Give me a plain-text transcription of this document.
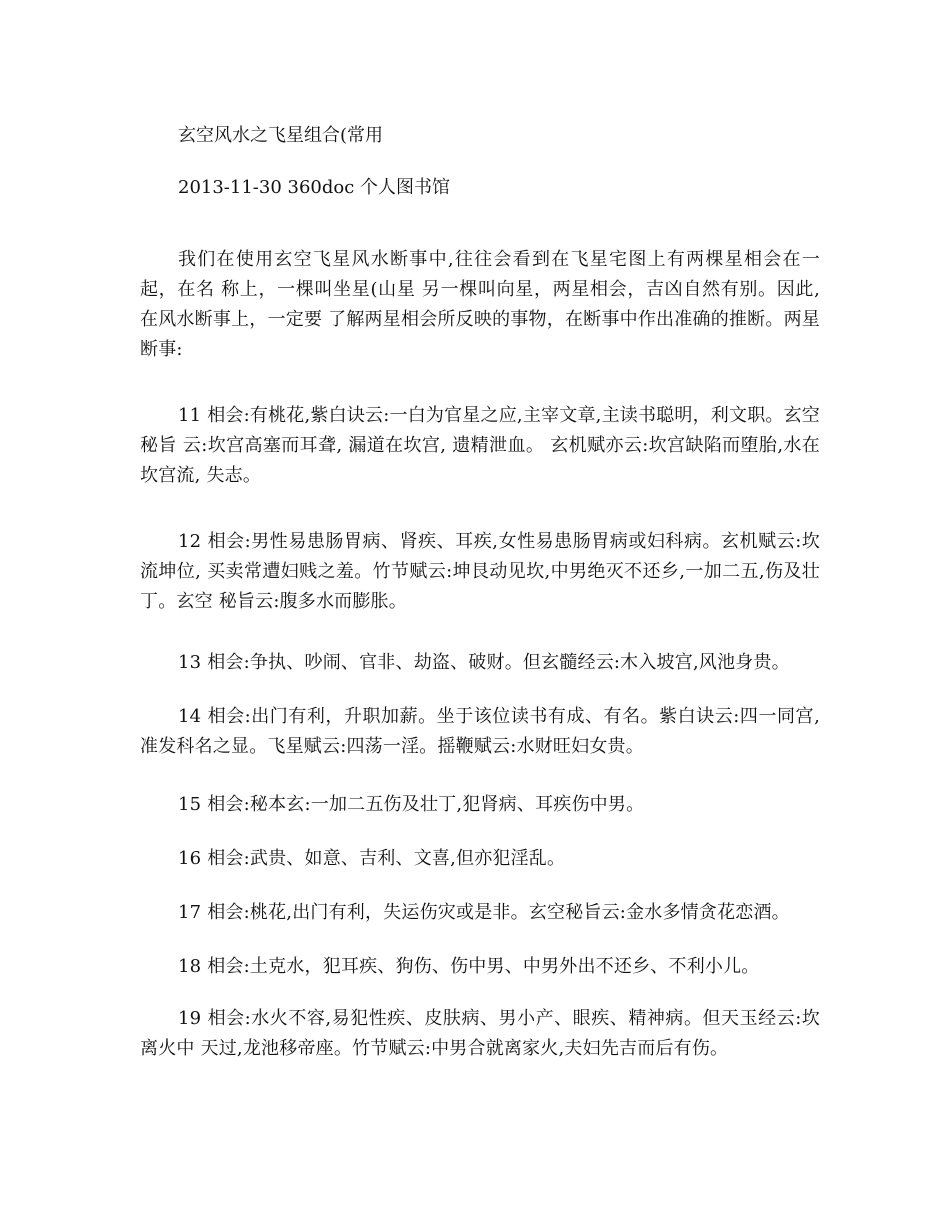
玄空风水之飞星组合(常用
2013-11-30 360doc 个人图书馆

我们在使用玄空飞星风水断事中,往往会看到在飞星宅图上有两棵星相会在一起，在名 称上，一棵叫坐星(山星 另一棵叫向星，两星相会，吉凶自然有别。因此,在风水断事上，一定要 了解两星相会所反映的事物，在断事中作出准确的推断。两星断事:

11 相会:有桃花,紫白诀云:一白为官星之应,主宰文章,主读书聪明，利文职。玄空秘旨 云:坎宫高塞而耳聋, 漏道在坎宫, 遗精泄血。 玄机赋亦云:坎宫缺陷而堕胎,水在坎宫流, 失志。

12 相会:男性易患肠胃病、肾疾、耳疾,女性易患肠胃病或妇科病。玄机赋云:坎流坤位, 买卖常遭妇贱之羞。竹节赋云:坤艮动见坎,中男绝灭不还乡,一加二五,伤及壮丁。玄空 秘旨云:腹多水而膨胀。

13 相会:争执、吵闹、官非、劫盗、破财。但玄髓经云:木入坡宫,风池身贵。

14 相会:出门有利，升职加薪。坐于该位读书有成、有名。紫白诀云:四一同宫,准发科名之显。飞星赋云:四荡一淫。摇鞭赋云:水财旺妇女贵。

15 相会:秘本玄:一加二五伤及壮丁,犯肾病、耳疾伤中男。

16 相会:武贵、如意、吉利、文喜,但亦犯淫乱。

17 相会:桃花,出门有利，失运伤灾或是非。玄空秘旨云:金水多情贪花恋酒。

18 相会:土克水，犯耳疾、狗伤、伤中男、中男外出不还乡、不利小儿。

19 相会:水火不容,易犯性疾、皮肤病、男小产、眼疾、精神病。但天玉经云:坎离火中 天过,龙池移帝座。竹节赋云:中男合就离家火,夫妇先吉而后有伤。
